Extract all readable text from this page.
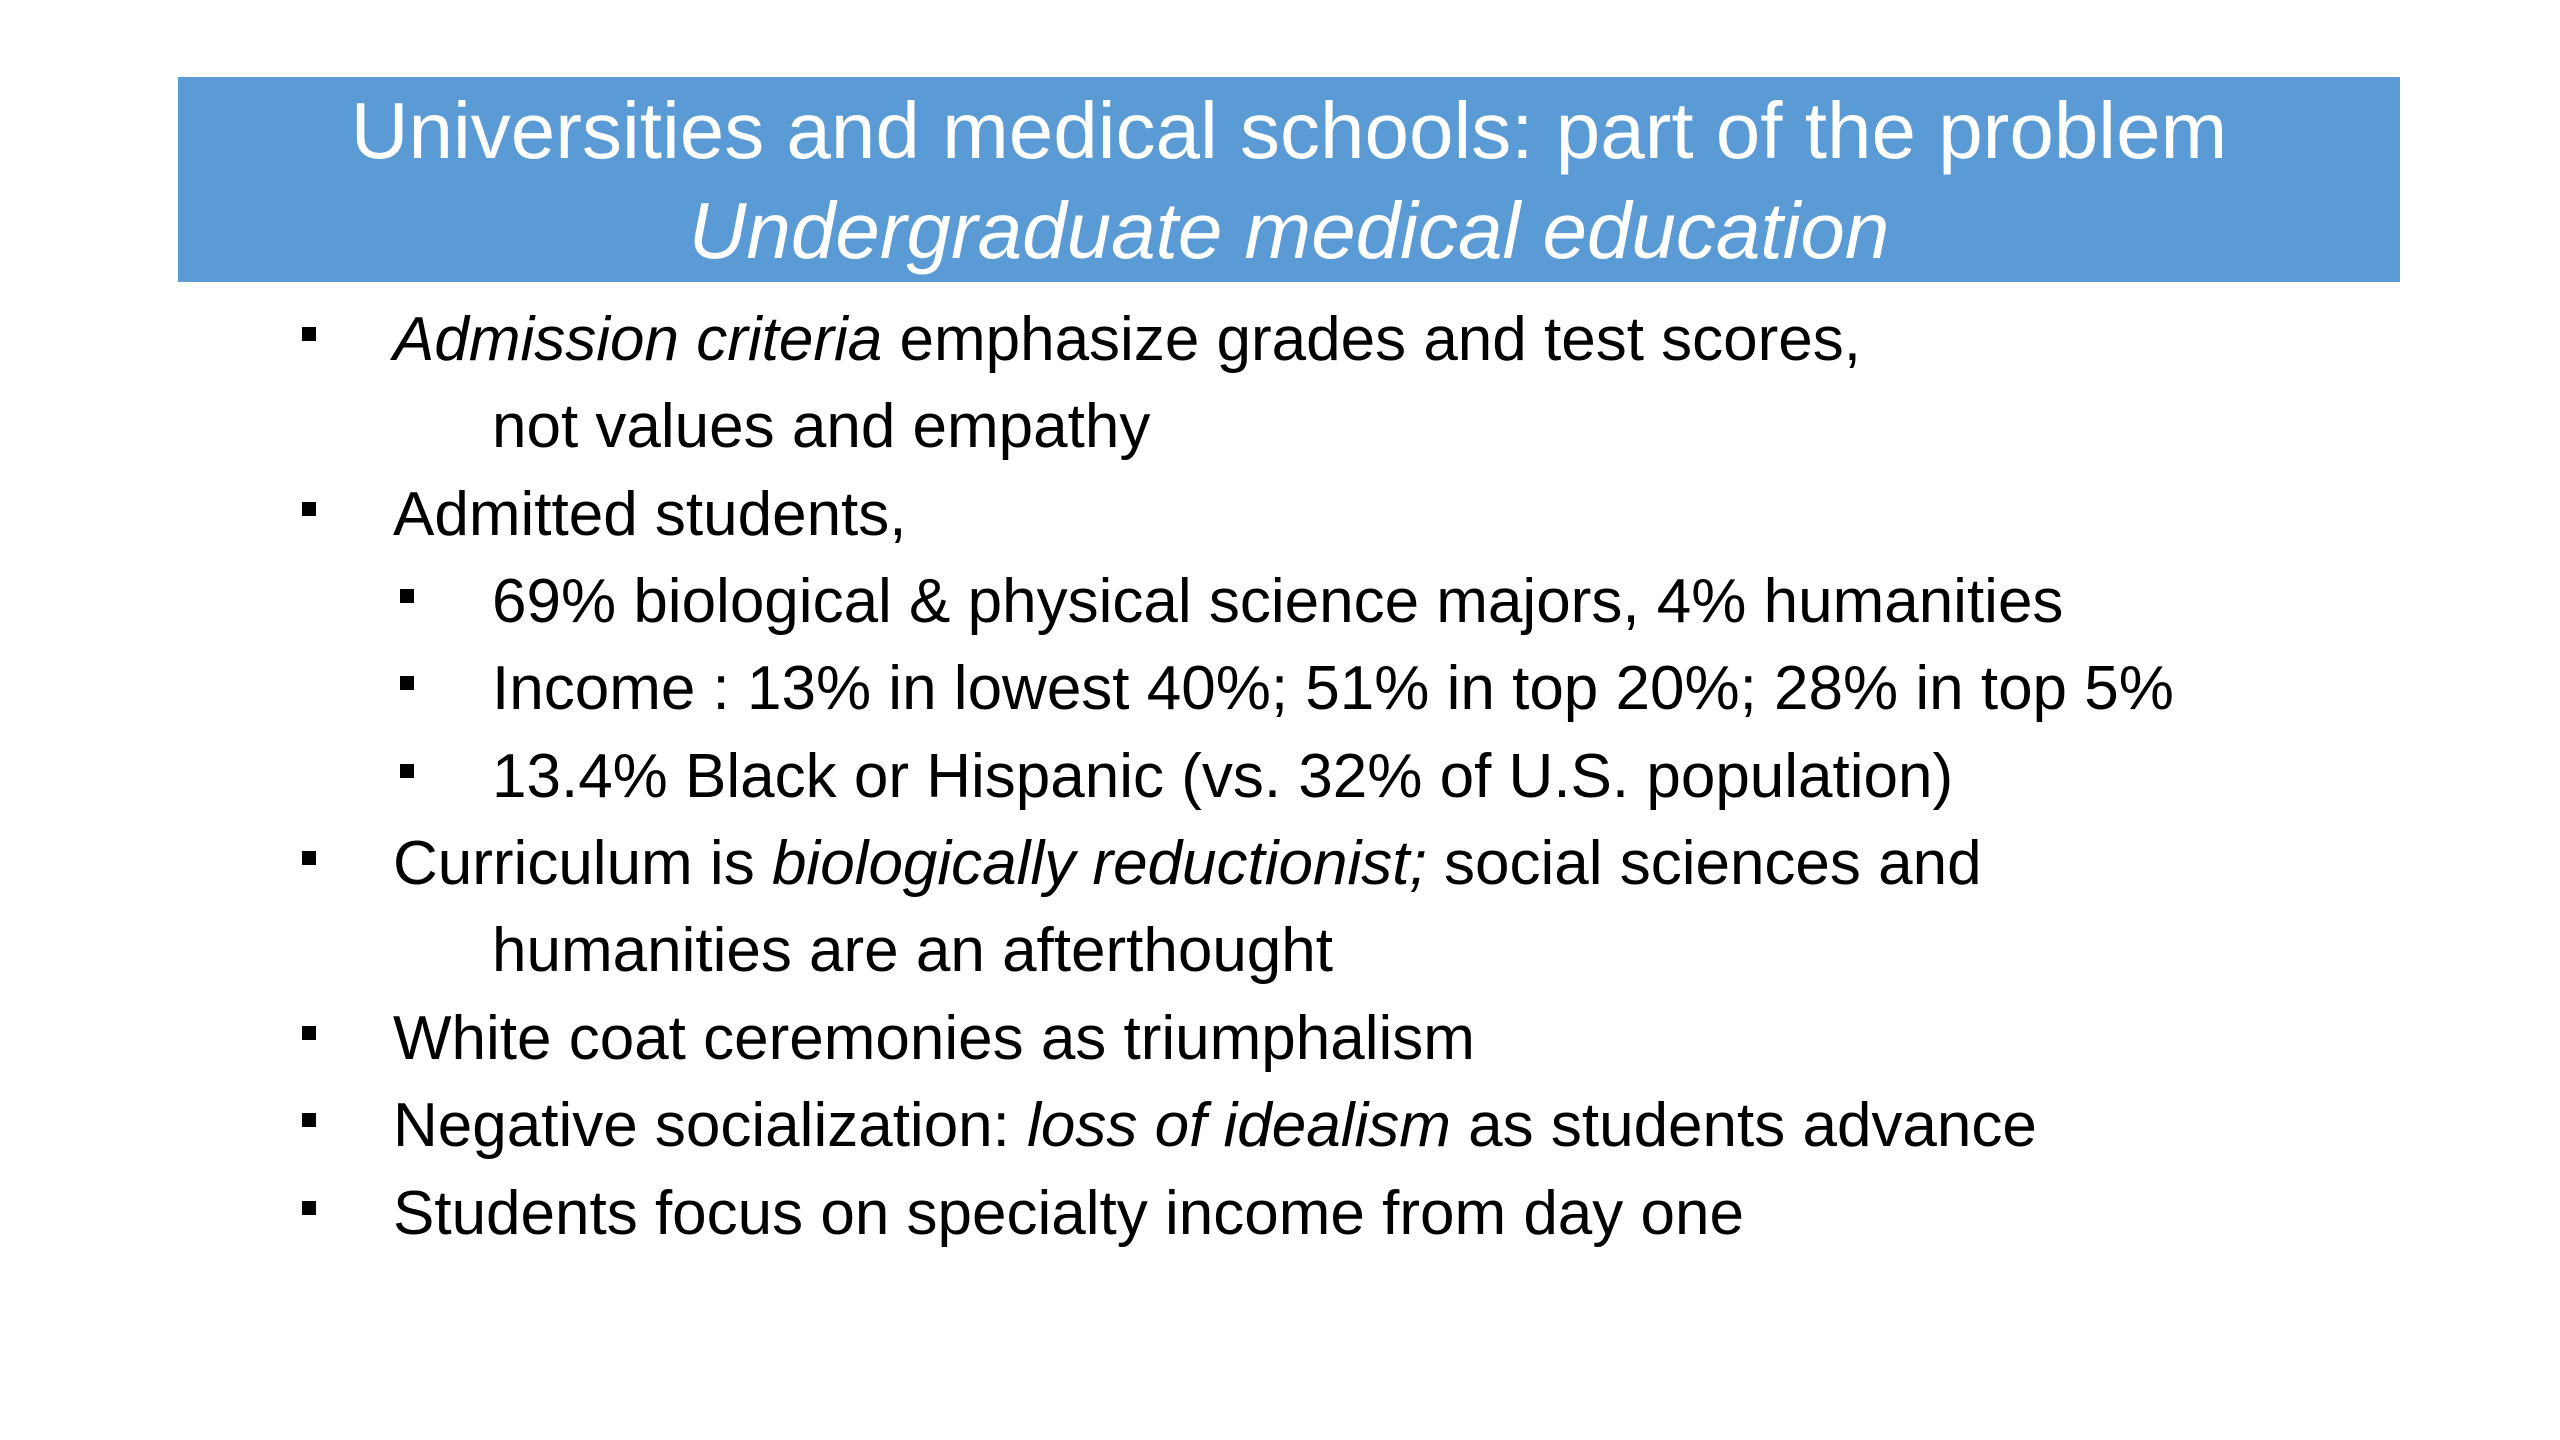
Universities and medical schools: part of the problem
Undergraduate medical education
Admission criteria emphasize grades and test scores,
not values and empathy
Admitted students,
69% biological & physical science majors, 4% humanities
Income : 13% in lowest 40%; 51% in top 20%; 28% in top 5%
13.4% Black or Hispanic (vs. 32% of U.S. population)
Curriculum is biologically reductionist; social sciences and
humanities are an afterthought
White coat ceremonies as triumphalism
Negative socialization: loss of idealism as students advance
Students focus on specialty income from day one
